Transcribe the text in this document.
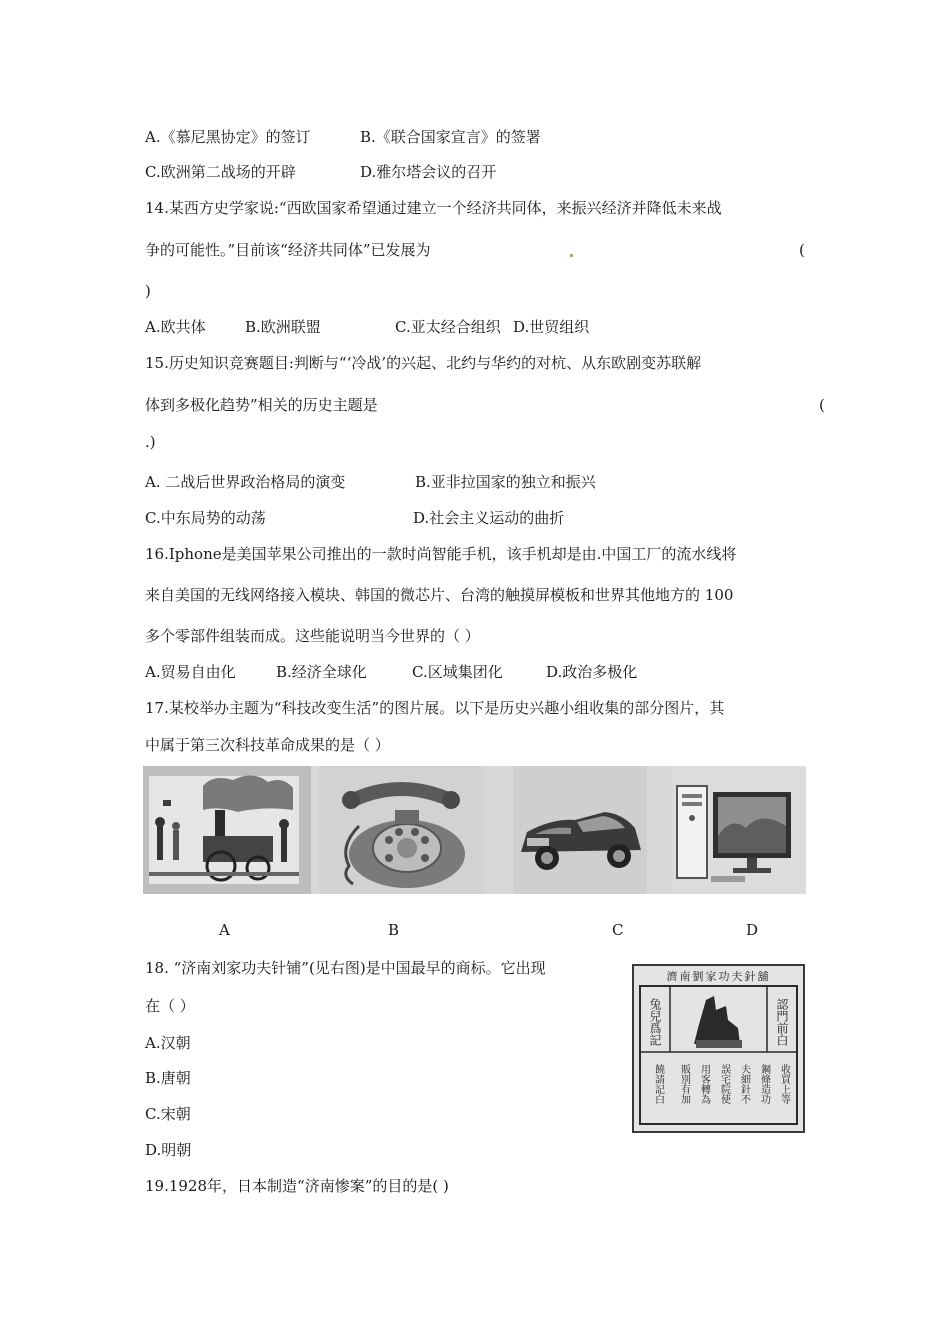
A.《慕尼黑协定》的签订	B.《联合国家宣言》的签署
C.欧洲第二战场的开辟	D.雅尔塔会议的召开
14.某西方史学家说:“西欧国家希望通过建立一个经济共同体，来振兴经济并降低未来战
争的可能性。”目前该“经济共同体”已发展为	(
)
A.欧共体	B.欧洲联盟	C.亚太经合组织 D.世贸组织
15.历史知识竞赛题目:判断与“‘冷战’的兴起、北约与华约的对杭、从东欧剧变苏联解
体到多极化趋势”相关的历史主题是	(
.)
A. 二战后世界政治格局的演变	B.亚非拉国家的独立和振兴
C.中东局势的动荡	D.社会主义运动的曲折
16.Ⅰphone是美国苹果公司推出的一款时尚智能手机，该手机却是由.中国工厂的流水线将
来自美国的无线网络接入模块、韩国的微芯片、台湾的触摸屏模板和世界其他地方的 100
多个零部件组装而成。这些能说明当今世界的（ ）
A.贸易自由化	B.经济全球化	C.区域集团化	D.政治多极化
17.某校举办主题为“科技改变生活”的图片展。以下是历史兴趣小组收集的部分图片，其
中属于第三次科技革命成果的是（ ）
A	B	C	D
18. “济南刘家功夫针铺”(见右图)是中国最早的商标。它出现
在（ ）
A.汉朝
B.唐朝
C.宋朝
D.明朝
濟南劉家功夫針舖
認門前白
兔兒爲記
收買上等
鋼條造功
夫細針不
誤宅院使
用客轉為
販別有加
饒請記白
19.1928年，日本制造“济南惨案”的目的是( )
